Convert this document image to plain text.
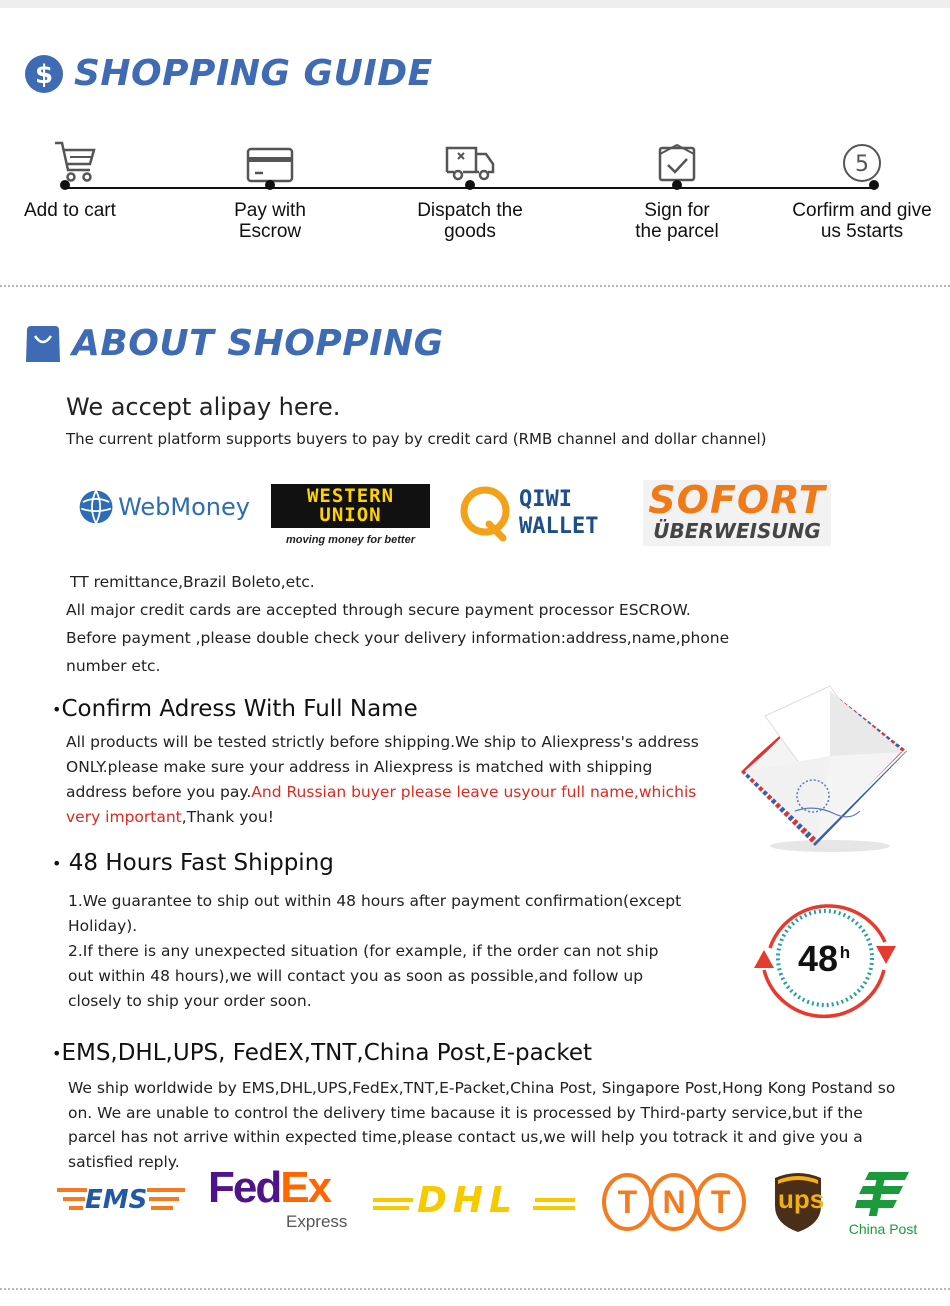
$ SHOPPING GUIDE
Add to cart	Pay with
Escrow
Dispatch the
goods
Sign for
the parcel
5
Corfirm and give
us 5starts
ABOUT SHOPPING
We accept alipay here.
The current platform supports buyers to pay by credit card (RMB channel and dollar channel)
WebMoney	WESTERN
UNION
moving money for better
QIWI
WALLET
SOFORT
ÜBERWEISUNG
TT remittance,Brazil Boleto,etc.
All major credit cards are accepted through secure payment processor ESCROW.
Before payment ,please double check your delivery information:address,name,phone
number etc.
•Confirm Adress With Full Name
All products will be tested strictly before shipping.We ship to Aliexpress's address ONLY.please make sure your address in Aliexpress is matched with shipping address before you pay.And Russian buyer please leave usyour full name,whichis very important,Thank you!
• 48 Hours Fast Shipping
1.We guarantee to ship out within 48 hours after payment confirmation(except Holiday).
2.If there is any unexpected situation (for example, if the order can not ship out within 48 hours),we will contact you as soon as possible,and follow up closely to ship your order soon.
48 h
•EMS,DHL,UPS, FedEX,TNT,China Post,E-packet
We ship worldwide by EMS,DHL,UPS,FedEx,TNT,E-Packet,China Post, Singapore Post,Hong Kong Postand so on. We are unable to control the delivery time bacause it is processed by Third-party service,but if the parcel has not arrive within expected time,please contact us,we will help you totrack it and give you a satisfied reply.
EMS FedEx
Express
DHL	T N T	ups
China Post
